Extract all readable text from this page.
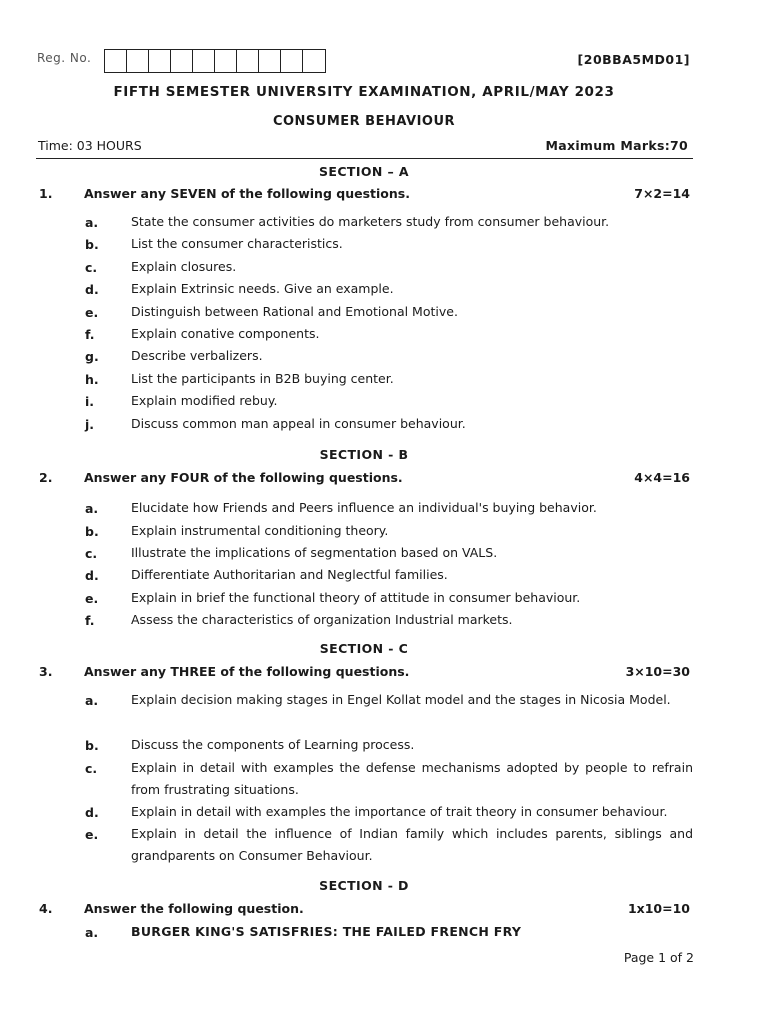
Reg. No.	[20BBA5MD01]
FIFTH SEMESTER UNIVERSITY EXAMINATION, APRIL/MAY 2023
CONSUMER BEHAVIOUR
Time: 03 HOURS	Maximum Marks:70
SECTION – A
1.	Answer any SEVEN of the following questions.	7×2=14
a.	State the consumer activities do marketers study from consumer behaviour.
b.	List the consumer characteristics.
c.	Explain closures.
d.	Explain Extrinsic needs. Give an example.
e.	Distinguish between Rational and Emotional Motive.
f.	Explain conative components.
g.	Describe verbalizers.
h.	List the participants in B2B buying center.
i.	Explain modified rebuy.
j.	Discuss common man appeal in consumer behaviour.
SECTION - B
2.	Answer any FOUR of the following questions.	4×4=16
a.	Elucidate how Friends and Peers influence an individual's buying behavior.
b.	Explain instrumental conditioning theory.
c.	Illustrate the implications of segmentation based on VALS.
d.	Differentiate Authoritarian and Neglectful families.
e.	Explain in brief the functional theory of attitude in consumer behaviour.
f.	Assess the characteristics of organization Industrial markets.
SECTION - C
3.	Answer any THREE of the following questions.	3×10=30
a.	Explain decision making stages in Engel Kollat model and the stages in Nicosia Model.
b.	Discuss the components of Learning process.
c.	Explain in detail with examples the defense mechanisms adopted by people to refrain from frustrating situations.
d.	Explain in detail with examples the importance of trait theory in consumer behaviour.
e.	Explain in detail the influence of Indian family which includes parents, siblings and grandparents on Consumer Behaviour.
SECTION - D
4.	Answer the following question.	1x10=10
a.	BURGER KING'S SATISFRIES: THE FAILED FRENCH FRY
Page 1 of 2
